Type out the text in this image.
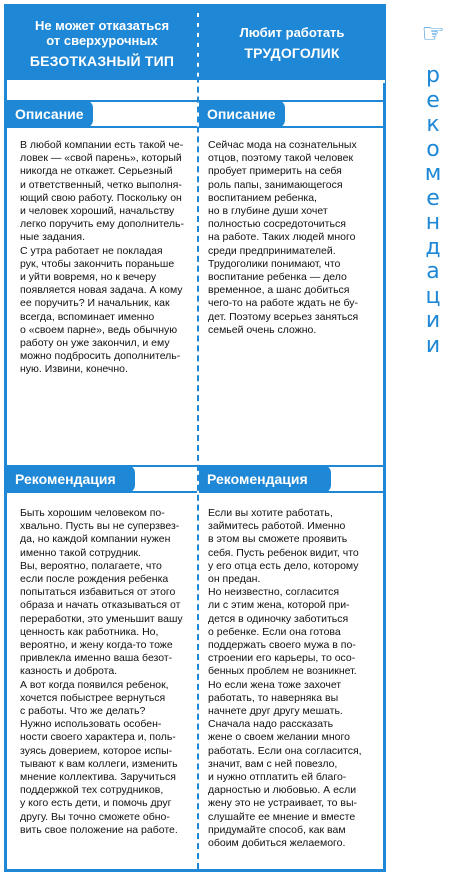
Не может отказаться
от сверхурочных
БЕЗОТКАЗНЫЙ ТИП
Описание
В любой компании есть такой че-
ловек — «свой парень», который
никогда не откажет. Серьезный
и ответственный, четко выполня-
ющий свою работу. Поскольку он
и человек хороший, начальству
легко поручить ему дополнитель-
ные задания.
С утра работает не покладая
рук, чтобы закончить пораньше
и уйти вовремя, но к вечеру
появляется новая задача. А кому
ее поручить? И начальник, как
всегда, вспоминает именно
o «своем парне», ведь обычную
работу он уже закончил, и ему
можно подбросить дополнитель-
ную. Извини, конечно.
Рекомендация
Быть хорошим человеком по-
хвально. Пусть вы не суперзвез-
да, но каждой компании нужен
именно такой сотрудник.
Вы, вероятно, полагаете, что
если после рождения ребенка
попытаться избавиться от этого
образа и начать отказываться от
переработки, это уменьшит вашу
ценность как работника. Но,
вероятно, и жену когда-то тоже
привлекла именно ваша безот-
казность и доброта.
А вот когда появился ребенок,
хочется побыстрее вернуться
с работы. Что же делать?
Нужно использовать особен-
ности своего характера и, поль-
зуясь доверием, которое испы-
тывают к вам коллеги, изменить
мнение коллектива. Заручиться
поддержкой тех сотрудников,
у кого есть дети, и помочь друг
другу. Вы точно сможете обно-
вить свое положение на работе.
Любит работать
ТРУДОГОЛИК
Описание
Сейчас мода на сознательных
отцов, поэтому такой человек
пробует примерить на себя
роль папы, занимающегося
воспитанием ребенка,
но в глубине души хочет
полностью сосредоточиться
на работе. Таких людей много
среди предпринимателей.
Трудоголики понимают, что
воспитание ребенка — дело
временное, а шанс добиться
чего-то на работе ждать не бу-
дет. Поэтому всерьез заняться
семьей очень сложно.
Рекомендация
Если вы хотите работать,
займитесь работой. Именно
в этом вы сможете проявить
себя. Пусть ребенок видит, что
у его отца есть дело, которому
он предан.
Но неизвестно, согласится
ли с этим жена, которой при-
дется в одиночку заботиться
о ребенке. Если она готова
поддержать своего мужа в по-
строении его карьеры, то осо-
бенных проблем не возникнет.
Но если жена тоже захочет
работать, то наверняка вы
начнете друг другу мешать.
Сначала надо рассказать
жене о своем желании много
работать. Если она согласится,
значит, вам с ней повезло,
и нужно отплатить ей благо-
дарностью и любовью. А если
жену это не устраивает, то вы-
слушайте ее мнение и вместе
придумайте способ, как вам
обоим добиться желаемого.
☞
р
е
к
о
м
е
н
д
а
ц
и
и
